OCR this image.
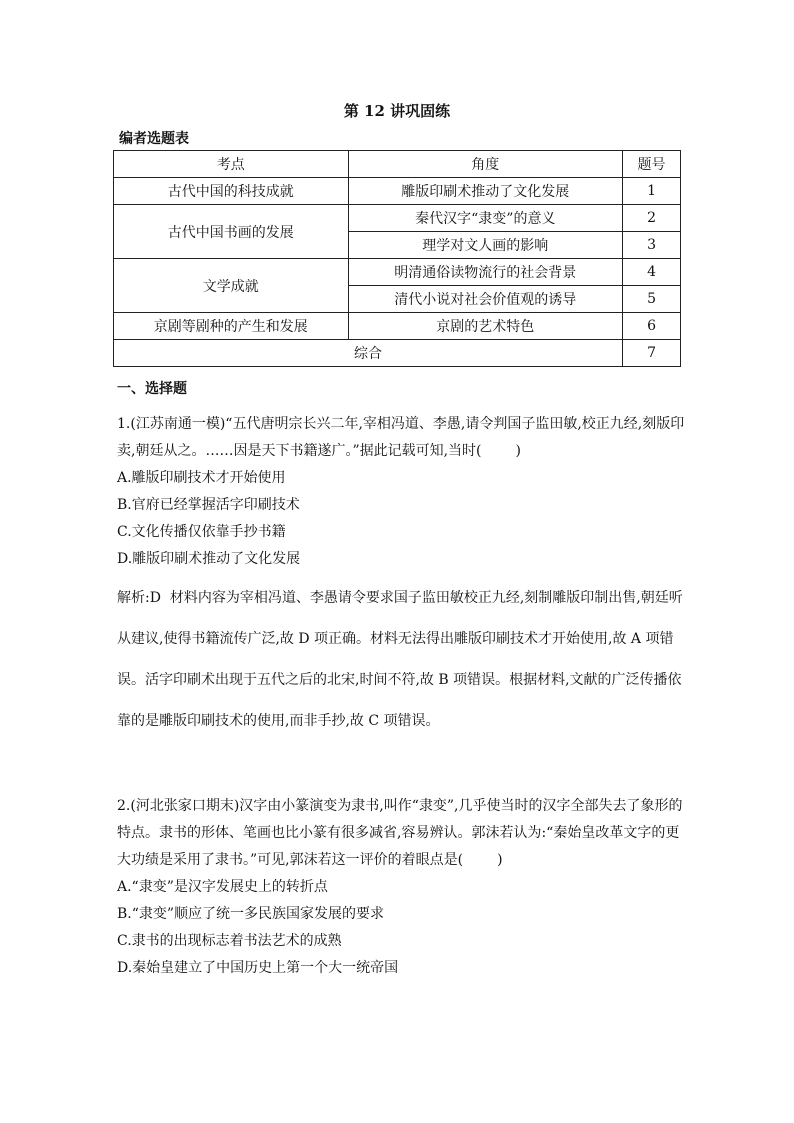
第 12 讲巩固练
编者选题表
考点	角度	题号
古代中国的科技成就	雕版印刷术推动了文化发展	1
古代中国书画的发展	秦代汉字“隶变”的意义	2
	理学对文人画的影响	3
文学成就	明清通俗读物流行的社会背景	4
	清代小说对社会价值观的诱导	5
京剧等剧种的产生和发展	京剧的艺术特色	6
综合		7
一、选择题
1.(江苏南通一模)“五代唐明宗长兴二年,宰相冯道、李愚,请令判国子监田敏,校正九经,刻版印卖,朝廷从之。……因是天下书籍遂广。”据此记载可知,当时( )
A.雕版印刷技术才开始使用
B.官府已经掌握活字印刷技术
C.文化传播仅依靠手抄书籍
D.雕版印刷术推动了文化发展
解析:D 材料内容为宰相冯道、李愚请令要求国子监田敏校正九经,刻制雕版印制出售,朝廷听从建议,使得书籍流传广泛,故 D 项正确。材料无法得出雕版印刷技术才开始使用,故 A 项错误。活字印刷术出现于五代之后的北宋,时间不符,故 B 项错误。根据材料,文献的广泛传播依靠的是雕版印刷技术的使用,而非手抄,故 C 项错误。
2.(河北张家口期末)汉字由小篆演变为隶书,叫作“隶变”,几乎使当时的汉字全部失去了象形的特点。隶书的形体、笔画也比小篆有很多减省,容易辨认。郭沫若认为:“秦始皇改革文字的更大功绩是采用了隶书。”可见,郭沫若这一评价的着眼点是( )
A.“隶变”是汉字发展史上的转折点
B.“隶变”顺应了统一多民族国家发展的要求
C.隶书的出现标志着书法艺术的成熟
D.秦始皇建立了中国历史上第一个大一统帝国
